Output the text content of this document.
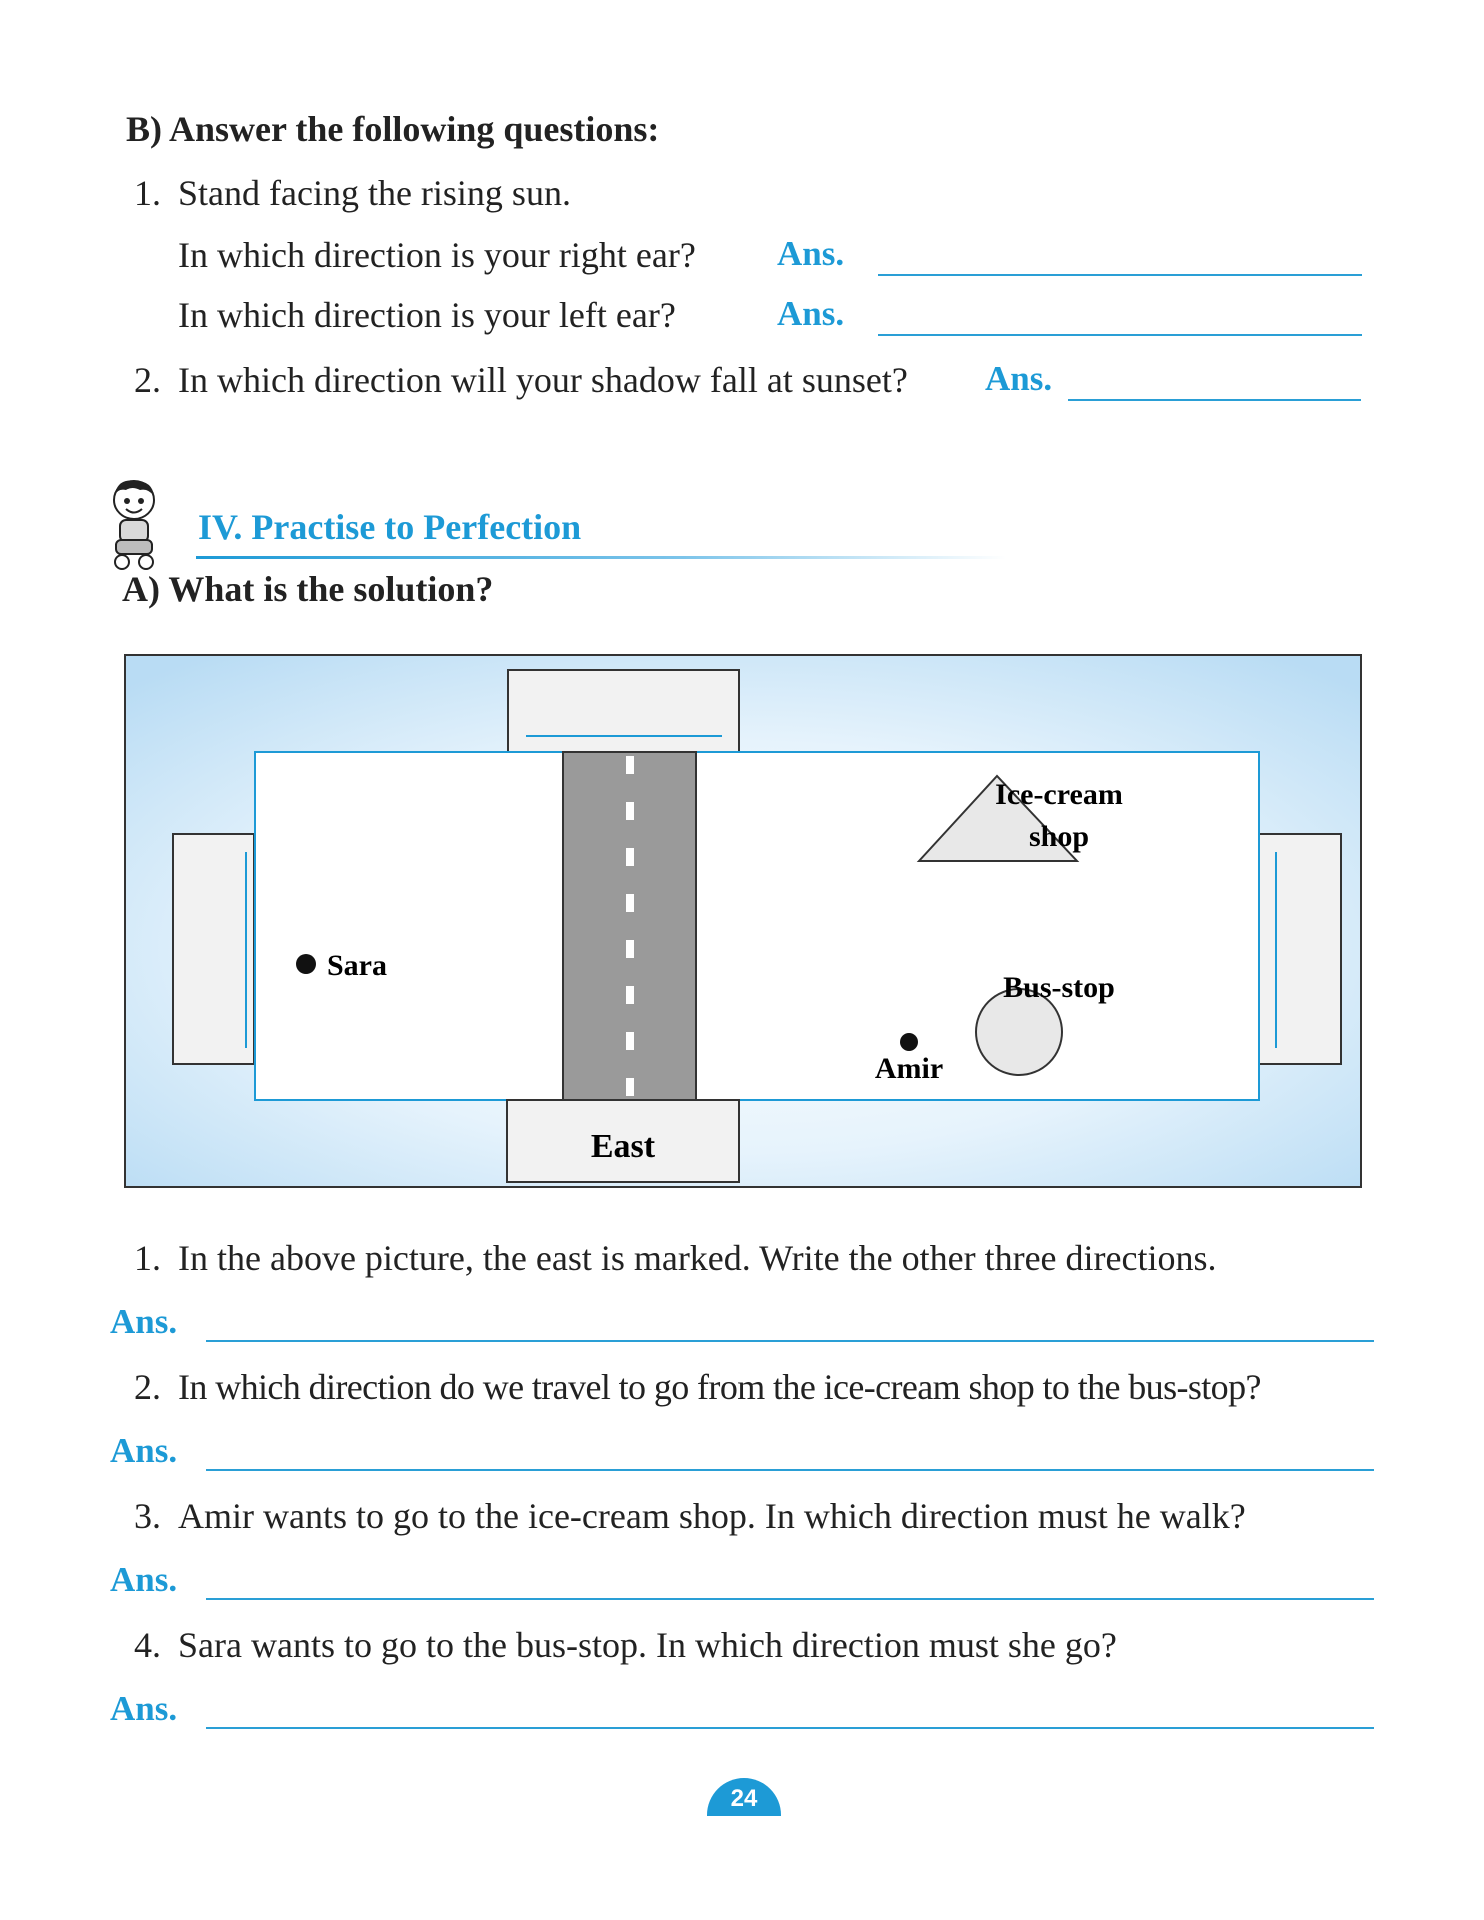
B) Answer the following questions:
1. Stand facing the rising sun.
In which direction is your right ear? Ans.
In which direction is your left ear?	Ans.
2. In which direction will your shadow fall at sunset? Ans.
IV. Practise to Perfection
A) What is the solution?
East
Ice-cream
shop
Bus-stop
Sara
Amir
1. In the above picture, the east is marked. Write the other three directions.
Ans.
2. In which direction do we travel to go from the ice-cream shop to the bus-stop?
Ans.
3. Amir wants to go to the ice-cream shop. In which direction must he walk?
Ans.
4. Sara wants to go to the bus-stop. In which direction must she go?
Ans.
24
